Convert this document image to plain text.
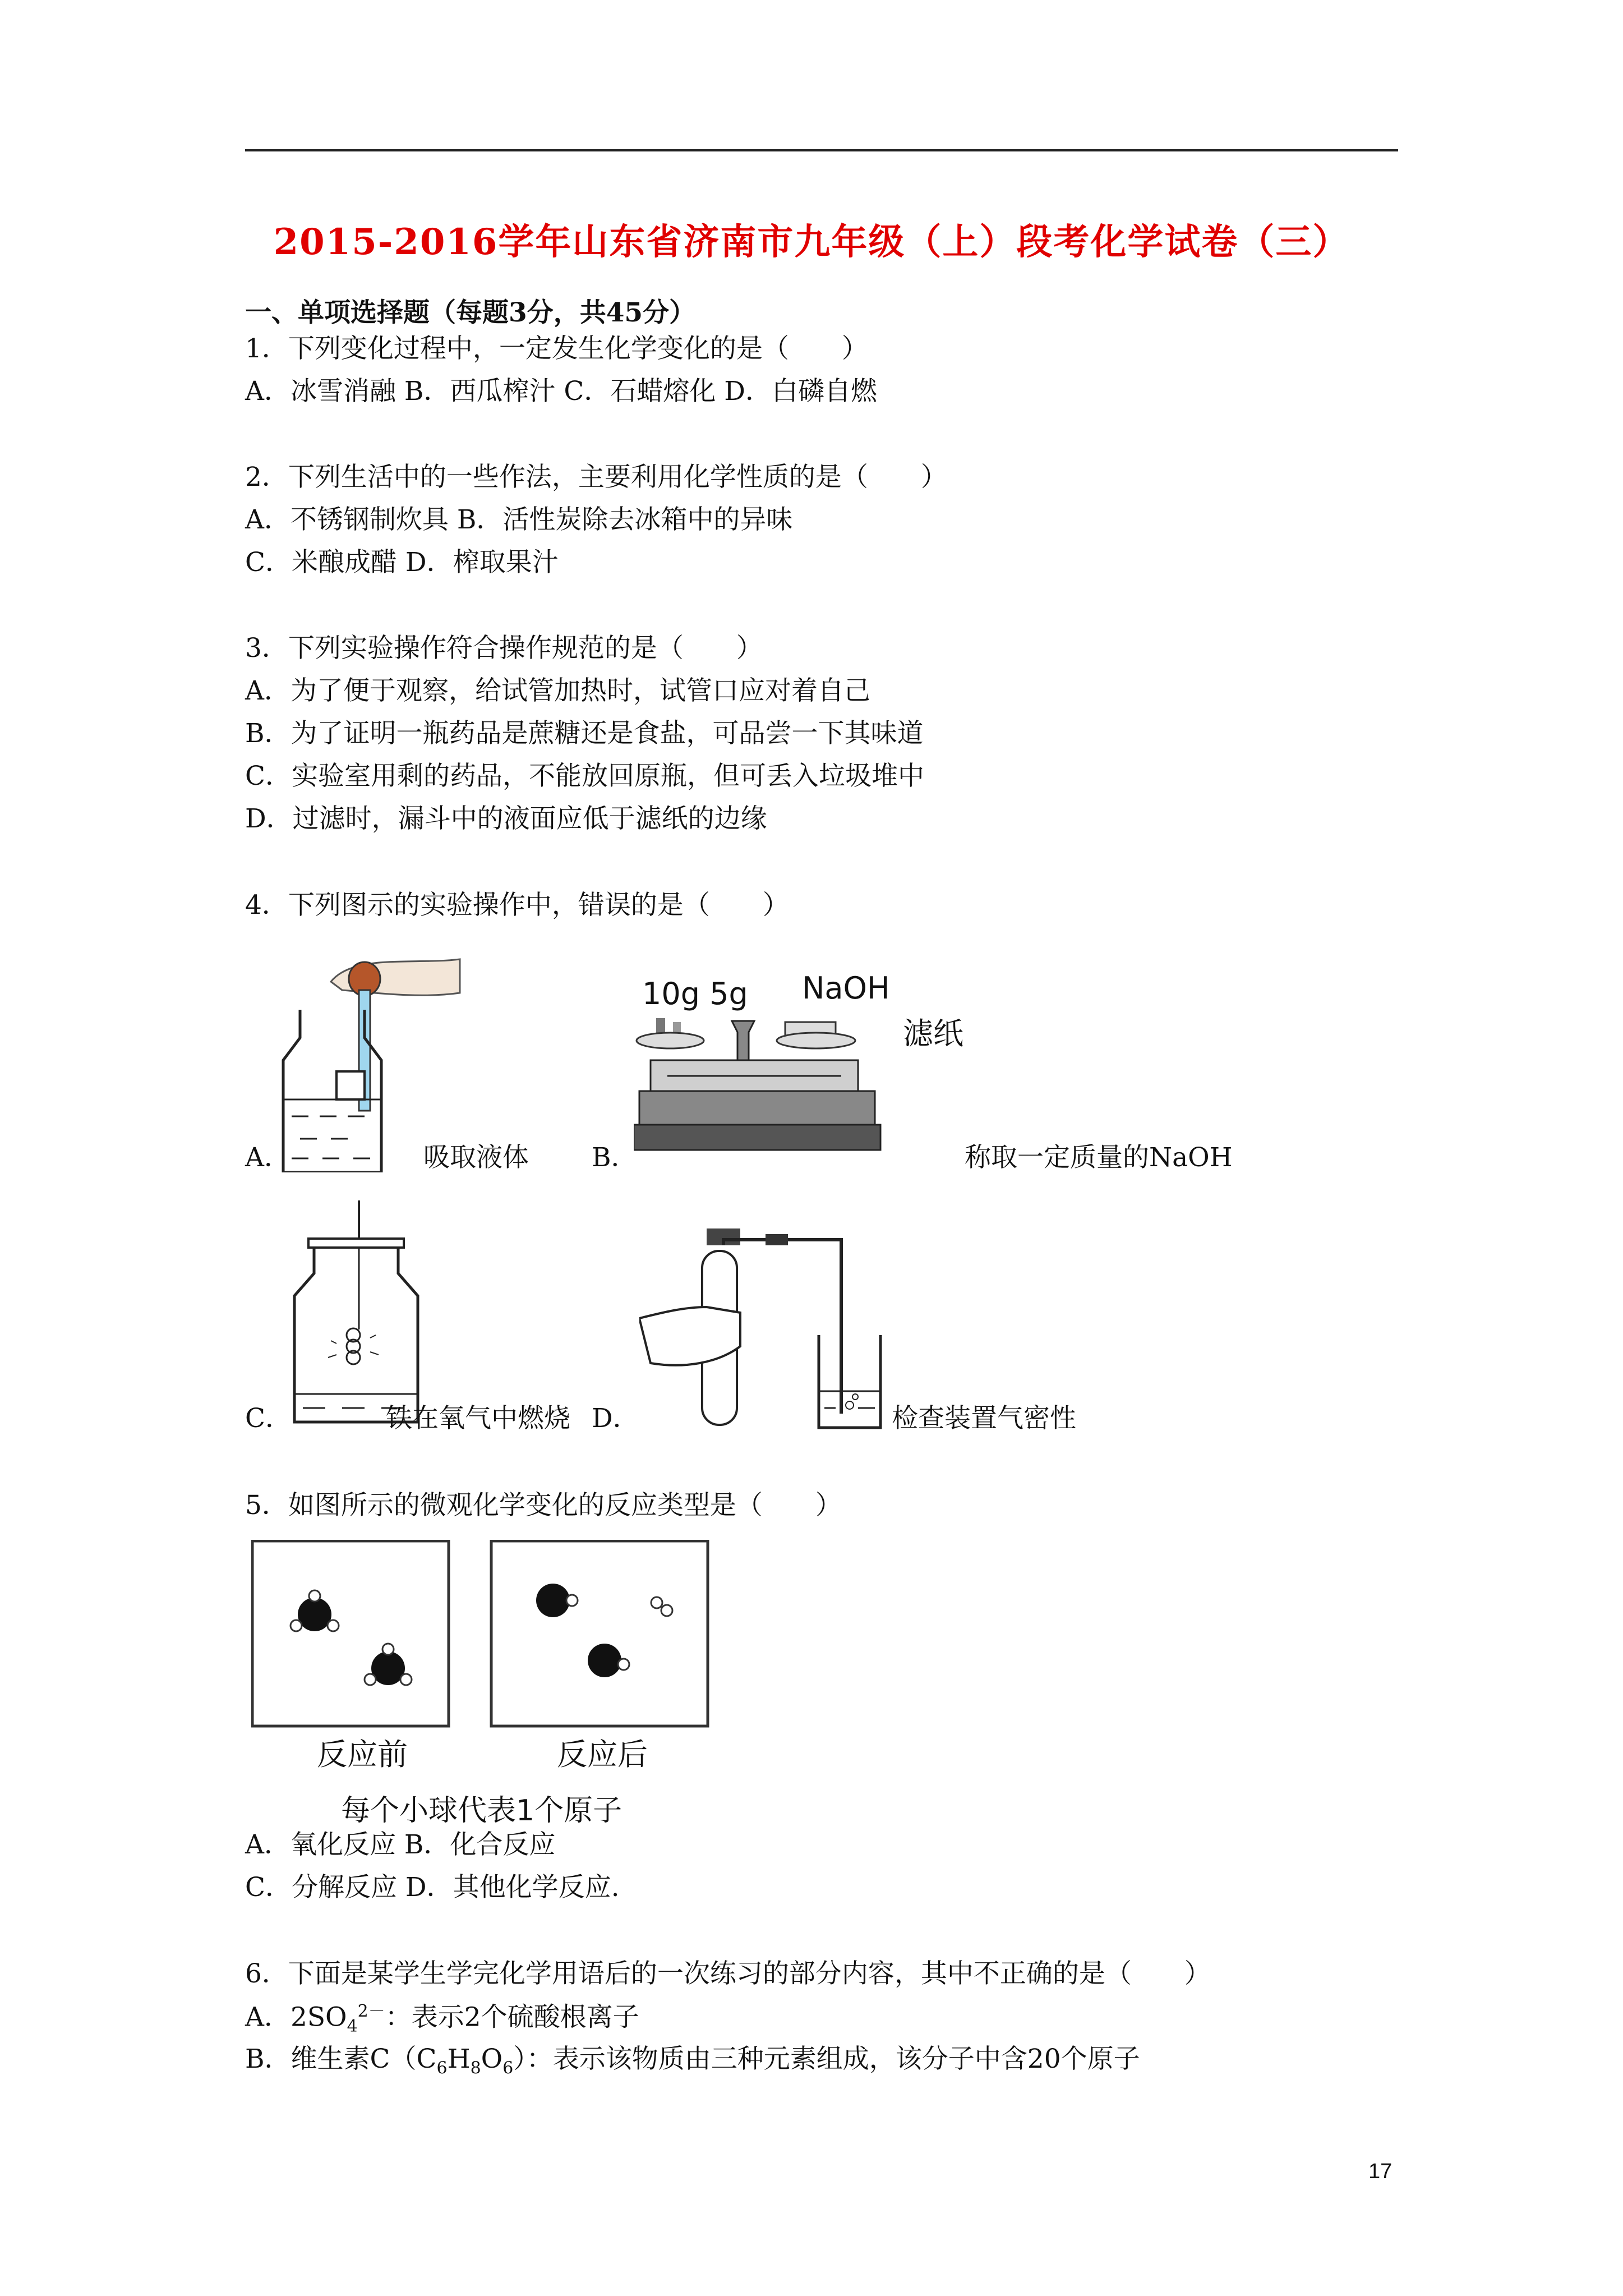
2015-2016学年山东省济南市九年级（上）段考化学试卷（三）
一、单项选择题（每题3分，共45分）
1．下列变化过程中，一定发生化学变化的是（　　）
A．冰雪消融 B．西瓜榨汁 C．石蜡熔化 D．白磷自燃
2．下列生活中的一些作法，主要利用化学性质的是（　　）
A．不锈钢制炊具 B．活性炭除去冰箱中的异味
C．米酿成醋 D．榨取果汁
3．下列实验操作符合操作规范的是（　　）
A．为了便于观察，给试管加热时，试管口应对着自己
B．为了证明一瓶药品是蔗糖还是食盐，可品尝一下其味道
C．实验室用剩的药品，不能放回原瓶，但可丢入垃圾堆中
D．过滤时，漏斗中的液面应低于滤纸的边缘
4．下列图示的实验操作中，错误的是（　　）
A．	吸取液体
10g 5g NaOH
滤纸
B．	称取一定质量的NaOH
C．	铁在氧气中燃烧 D．	检查装置气密性
5．如图所示的微观化学变化的反应类型是（　　）
反应前	反应后
每个小球代表1个原子
A．氧化反应 B．化合反应
C．分解反应 D．其他化学反应.
6．下面是某学生学完化学用语后的一次练习的部分内容，其中不正确的是（　　）
A．$2SO_4^{2-}$：表示2个硫酸根离子
B．维生素$C(C_6H_8O_6)$：表示该物质由三种元素组成，该分子中含20个原子
17
